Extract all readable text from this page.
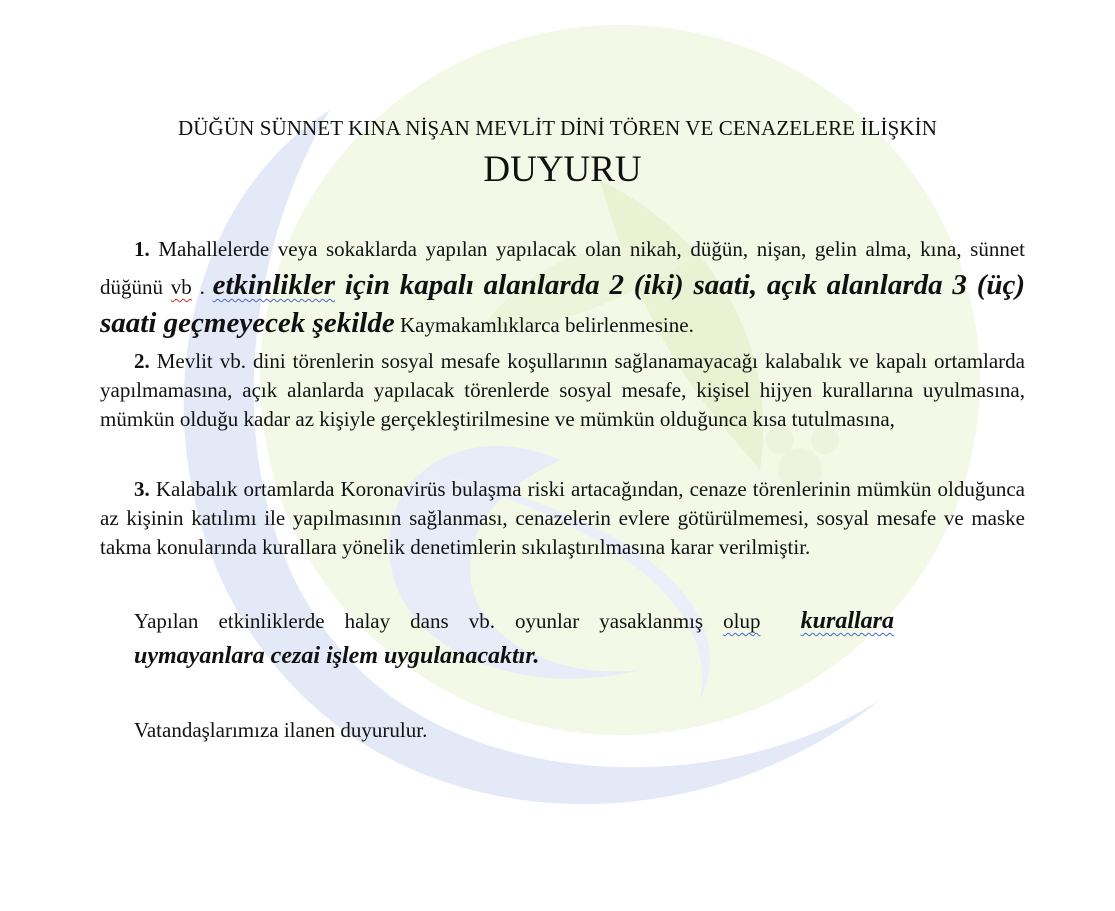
DÜĞÜN SÜNNET KINA NİŞAN MEVLİT DİNİ TÖREN VE CENAZELERE İLİŞKİN
DUYURU
1. Mahallelerde veya sokaklarda yapılan yapılacak olan nikah, düğün, nişan, gelin alma, kına, sünnet düğünü vb . etkinlikler için kapalı alanlarda 2 (iki) saati, açık alanlarda 3 (üç) saati geçmeyecek şekilde Kaymakamlıklarca belirlenmesine.
2. Mevlit vb. dini törenlerin sosyal mesafe koşullarının sağlanamayacağı kalabalık ve kapalı ortamlarda yapılmamasına, açık alanlarda yapılacak törenlerde sosyal mesafe, kişisel hijyen kurallarına uyulmasına, mümkün olduğu kadar az kişiyle gerçekleştirilmesine ve mümkün olduğunca kısa tutulmasına,
3. Kalabalık ortamlarda Koronavirüs bulaşma riski artacağından, cenaze törenlerinin mümkün olduğunca az kişinin katılımı ile yapılmasının sağlanması, cenazelerin evlere götürülmemesi, sosyal mesafe ve maske takma konularında kurallara yönelik denetimlerin sıkılaştırılmasına karar verilmiştir.
Yapılan etkinliklerde halay dans vb. oyunlar yasaklanmış olup kurallara uymayanlara cezai işlem uygulanacaktır.
Vatandaşlarımıza ilanen duyurulur.
